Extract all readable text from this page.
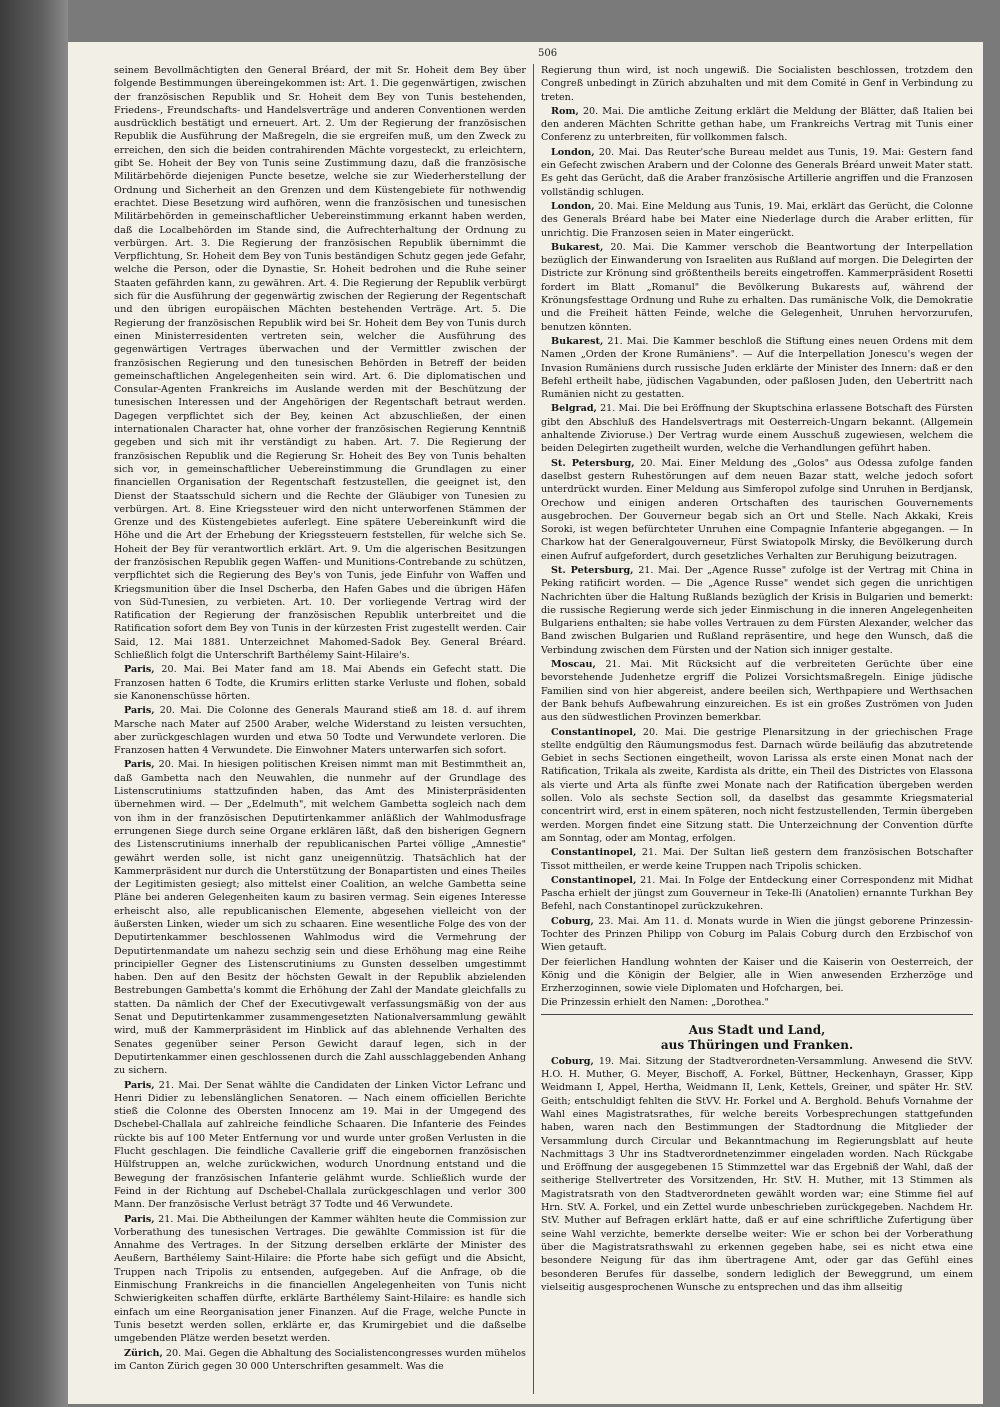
506

seinem Bevollmächtigten den General Bréard, der mit Sr. Hoheit dem Bey über folgende Bestimmungen übereingekommen ist: Art. 1. Die gegenwärtigen, zwischen der französischen Republik und Sr. Hoheit dem Bey von Tunis bestehenden, Friedens-, Freundschafts- und Handelsverträge und anderen Conventionen werden ausdrücklich bestätigt und erneuert. Art. 2. Um der Regierung der französischen Republik die Ausführung der Maßregeln, die sie ergreifen muß, um den Zweck zu erreichen, den sich die beiden contrahirenden Mächte vorgesteckt, zu erleichtern, gibt Se. Hoheit der Bey von Tunis seine Zustimmung dazu, daß die französische Militärbehörde diejenigen Puncte besetze, welche sie zur Wiederherstellung der Ordnung und Sicherheit an den Grenzen und dem Küstengebiete für nothwendig erachtet. Diese Besetzung wird aufhören, wenn die französischen und tunesischen Militärbehörden in gemeinschaftlicher Uebereinstimmung erkannt haben werden, daß die Localbehörden im Stande sind, die Aufrechterhaltung der Ordnung zu verbürgen. Art. 3. Die Regierung der französischen Republik übernimmt die Verpflichtung, Sr. Hoheit dem Bey von Tunis beständigen Schutz gegen jede Gefahr, welche die Person, oder die Dynastie, Sr. Hoheit bedrohen und die Ruhe seiner Staaten gefährden kann, zu gewähren. Art. 4. Die Regierung der Republik verbürgt sich für die Ausführung der gegenwärtig zwischen der Regierung der Regentschaft und den übrigen europäischen Mächten bestehenden Verträge. Art. 5. Die Regierung der französischen Republik wird bei Sr. Hoheit dem Bey von Tunis durch einen Ministerresidenten vertreten sein, welcher die Ausführung des gegenwärtigen Vertrages überwachen und der Vermittler zwischen der französischen Regierung und den tunesischen Behörden in Betreff der beiden gemeinschaftlichen Angelegenheiten sein wird. Art. 6. Die diplomatischen und Consular-Agenten Frankreichs im Auslande werden mit der Beschützung der tunesischen Interessen und der Angehörigen der Regentschaft betraut werden. Dagegen verpflichtet sich der Bey, keinen Act abzuschließen, der einen internationalen Character hat, ohne vorher der französischen Regierung Kenntniß gegeben und sich mit ihr verständigt zu haben. Art. 7. Die Regierung der französischen Republik und die Regierung Sr. Hoheit des Bey von Tunis behalten sich vor, in gemeinschaftlicher Uebereinstimmung die Grundlagen zu einer financiellen Organisation der Regentschaft festzustellen, die geeignet ist, den Dienst der Staatsschuld sichern und die Rechte der Gläubiger von Tunesien zu verbürgen. Art. 8. Eine Kriegssteuer wird den nicht unterworfenen Stämmen der Grenze und des Küstengebietes auferlegt. Eine spätere Uebereinkunft wird die Höhe und die Art der Erhebung der Kriegssteuern feststellen, für welche sich Se. Hoheit der Bey für verantwortlich erklärt. Art. 9. Um die algerischen Besitzungen der französischen Republik gegen Waffen- und Munitions-Contrebande zu schützen, verpflichtet sich die Regierung des Bey's von Tunis, jede Einfuhr von Waffen und Kriegsmunition über die Insel Dscherba, den Hafen Gabes und die übrigen Häfen von Süd-Tunesien, zu verbieten. Art. 10. Der vorliegende Vertrag wird der Ratification der Regierung der französischen Republik unterbreitet und die Ratification sofort dem Bey von Tunis in der kürzesten Frist zugestellt werden. Cair Said, 12. Mai 1881. Unterzeichnet Mahomed-Sadok Bey. General Bréard. Schließlich folgt die Unterschrift Barthélemy Saint-Hilaire's.

Paris, 20. Mai. Bei Mater fand am 18. Mai Abends ein Gefecht statt. Die Franzosen hatten 6 Todte, die Krumirs erlitten starke Verluste und flohen, sobald sie Kanonenschüsse hörten.

Paris, 20. Mai. Die Colonne des Generals Maurand stieß am 18. d. auf ihrem Marsche nach Mater auf 2500 Araber, welche Widerstand zu leisten versuchten, aber zurückgeschlagen wurden und etwa 50 Todte und Verwundete verloren. Die Franzosen hatten 4 Verwundete. Die Einwohner Maters unterwarfen sich sofort.

Paris, 20. Mai. In hiesigen politischen Kreisen nimmt man mit Bestimmtheit an, daß Gambetta nach den Neuwahlen, die nunmehr auf der Grundlage des Listenscrutiniums stattzufinden haben, das Amt des Ministerpräsidenten übernehmen wird. — Der „Edelmuth", mit welchem Gambetta sogleich nach dem von ihm in der französischen Deputirtenkammer anläßlich der Wahlmodusfrage errungenen Siege durch seine Organe erklären läßt, daß den bisherigen Gegnern des Listenscrutiniums innerhalb der republicanischen Partei völlige „Amnestie" gewährt werden solle, ist nicht ganz uneigennützig. Thatsächlich hat der Kammerpräsident nur durch die Unterstützung der Bonapartisten und eines Theiles der Legitimisten gesiegt; also mittelst einer Coalition, an welche Gambetta seine Pläne bei anderen Gelegenheiten kaum zu basiren vermag. Sein eigenes Interesse erheischt also, alle republicanischen Elemente, abgesehen vielleicht von der äußersten Linken, wieder um sich zu schaaren. Eine wesentliche Folge des von der Deputirtenkammer beschlossenen Wahlmodus wird die Vermehrung der Deputirtenmandate um nahezu sechzig sein und diese Erhöhung mag eine Reihe principieller Gegner des Listenscrutiniums zu Gunsten desselben umgestimmt haben. Den auf den Besitz der höchsten Gewalt in der Republik abzielenden Bestrebungen Gambetta's kommt die Erhöhung der Zahl der Mandate gleichfalls zu statten. Da nämlich der Chef der Executivgewalt verfassungsmäßig von der aus Senat und Deputirtenkammer zusammengesetzten Nationalversammlung gewählt wird, muß der Kammerpräsident im Hinblick auf das ablehnende Verhalten des Senates gegenüber seiner Person Gewicht darauf legen, sich in der Deputirtenkammer einen geschlossenen durch die Zahl ausschlaggebenden Anhang zu sichern.

Paris, 21. Mai. Der Senat wählte die Candidaten der Linken Victor Lefranc und Henri Didier zu lebenslänglichen Senatoren. — Nach einem officiellen Berichte stieß die Colonne des Obersten Innocenz am 19. Mai in der Umgegend des Dschebel-Challala auf zahlreiche feindliche Schaaren. Die Infanterie des Feindes rückte bis auf 100 Meter Entfernung vor und wurde unter großen Verlusten in die Flucht geschlagen. Die feindliche Cavallerie griff die eingebornen französischen Hülfstruppen an, welche zurückwichen, wodurch Unordnung entstand und die Bewegung der französischen Infanterie gelähmt wurde. Schließlich wurde der Feind in der Richtung auf Dschebel-Challala zurückgeschlagen und verlor 300 Mann. Der französische Verlust beträgt 37 Todte und 46 Verwundete.

Paris, 21. Mai. Die Abtheilungen der Kammer wählten heute die Commission zur Vorberathung des tunesischen Vertrages. Die gewählte Commission ist für die Annahme des Vertrages. In der Sitzung derselben erklärte der Minister des Aeußern, Barthélemy Saint-Hilaire: die Pforte habe sich gefügt und die Absicht, Truppen nach Tripolis zu entsenden, aufgegeben. Auf die Anfrage, ob die Einmischung Frankreichs in die financiellen Angelegenheiten von Tunis nicht Schwierigkeiten schaffen dürfte, erklärte Barthélemy Saint-Hilaire: es handle sich einfach um eine Reorganisation jener Finanzen. Auf die Frage, welche Puncte in Tunis besetzt werden sollen, erklärte er, das Krumirgebiet und die daßselbe umgebenden Plätze werden besetzt werden.

Zürich, 20. Mai. Gegen die Abhaltung des Socialistencongresses wurden mühelos im Canton Zürich gegen 30 000 Unterschriften gesammelt. Was die

Regierung thun wird, ist noch ungewiß. Die Socialisten beschlossen, trotzdem den Congreß unbedingt in Zürich abzuhalten und mit dem Comité in Genf in Verbindung zu treten.

Rom, 20. Mai. Die amtliche Zeitung erklärt die Meldung der Blätter, daß Italien bei den anderen Mächten Schritte gethan habe, um Frankreichs Vertrag mit Tunis einer Conferenz zu unterbreiten, für vollkommen falsch.

London, 20. Mai. Das Reuter'sche Bureau meldet aus Tunis, 19. Mai: Gestern fand ein Gefecht zwischen Arabern und der Colonne des Generals Bréard unweit Mater statt. Es geht das Gerücht, daß die Araber französische Artillerie angriffen und die Franzosen vollständig schlugen.

London, 20. Mai. Eine Meldung aus Tunis, 19. Mai, erklärt das Gerücht, die Colonne des Generals Bréard habe bei Mater eine Niederlage durch die Araber erlitten, für unrichtig. Die Franzosen seien in Mater eingerückt.

Bukarest, 20. Mai. Die Kammer verschob die Beantwortung der Interpellation bezüglich der Einwanderung von Israeliten aus Rußland auf morgen. Die Delegirten der Districte zur Krönung sind größtentheils bereits eingetroffen. Kammerpräsident Rosetti fordert im Blatt „Romanul" die Bevölkerung Bukarests auf, während der Krönungsfesttage Ordnung und Ruhe zu erhalten. Das rumänische Volk, die Demokratie und die Freiheit hätten Feinde, welche die Gelegenheit, Unruhen hervorzurufen, benutzen könnten.

Bukarest, 21. Mai. Die Kammer beschloß die Stiftung eines neuen Ordens mit dem Namen „Orden der Krone Rumäniens". — Auf die Interpellation Jonescu's wegen der Invasion Rumäniens durch russische Juden erklärte der Minister des Innern: daß er den Befehl ertheilt habe, jüdischen Vagabunden, oder paßlosen Juden, den Uebertritt nach Rumänien nicht zu gestatten.

Belgrad, 21. Mai. Die bei Eröffnung der Skuptschina erlassene Botschaft des Fürsten gibt den Abschluß des Handelsvertrags mit Oesterreich-Ungarn bekannt. (Allgemein anhaltende Zivioruse.) Der Vertrag wurde einem Ausschuß zugewiesen, welchem die beiden Delegirten zugetheilt wurden, welche die Verhandlungen geführt haben.

St. Petersburg, 20. Mai. Einer Meldung des „Golos" aus Odessa zufolge fanden daselbst gestern Ruhestörungen auf dem neuen Bazar statt, welche jedoch sofort unterdrückt wurden. Einer Meldung aus Simferopol zufolge sind Unruhen in Berdjansk, Orechow und einigen anderen Ortschaften des taurischen Gouvernements ausgebrochen. Der Gouverneur begab sich an Ort und Stelle. Nach Akkaki, Kreis Soroki, ist wegen befürchteter Unruhen eine Compagnie Infanterie abgegangen. — In Charkow hat der Generalgouverneur, Fürst Swiatopolk Mirsky, die Bevölkerung durch einen Aufruf aufgefordert, durch gesetzliches Verhalten zur Beruhigung beizutragen.

St. Petersburg, 21. Mai. Der „Agence Russe" zufolge ist der Vertrag mit China in Peking ratificirt worden. — Die „Agence Russe" wendet sich gegen die unrichtigen Nachrichten über die Haltung Rußlands bezüglich der Krisis in Bulgarien und bemerkt: die russische Regierung werde sich jeder Einmischung in die inneren Angelegenheiten Bulgariens enthalten; sie habe volles Vertrauen zu dem Fürsten Alexander, welcher das Band zwischen Bulgarien und Rußland repräsentire, und hege den Wunsch, daß die Verbindung zwischen dem Fürsten und der Nation sich inniger gestalte.

Moscau, 21. Mai. Mit Rücksicht auf die verbreiteten Gerüchte über eine bevorstehende Judenhetze ergriff die Polizei Vorsichtsmaßregeln. Einige jüdische Familien sind von hier abgereist, andere beeilen sich, Werthpapiere und Werthsachen der Bank behufs Aufbewahrung einzureichen. Es ist ein großes Zuströmen von Juden aus den südwestlichen Provinzen bemerkbar.

Constantinopel, 20. Mai. Die gestrige Plenarsitzung in der griechischen Frage stellte endgültig den Räumungsmodus fest. Darnach würde beiläufig das abzutretende Gebiet in sechs Sectionen eingetheilt, wovon Larissa als erste einen Monat nach der Ratification, Trikala als zweite, Kardista als dritte, ein Theil des Districtes von Elassona als vierte und Arta als fünfte zwei Monate nach der Ratification übergeben werden sollen. Volo als sechste Section soll, da daselbst das gesammte Kriegsmaterial concentrirt wird, erst in einem späteren, noch nicht festzustellenden, Termin übergeben werden. Morgen findet eine Sitzung statt. Die Unterzeichnung der Convention dürfte am Sonntag, oder am Montag, erfolgen.

Constantinopel, 21. Mai. Der Sultan ließ gestern dem französischen Botschafter Tissot mittheilen, er werde keine Truppen nach Tripolis schicken.

Constantinopel, 21. Mai. In Folge der Entdeckung einer Correspondenz mit Midhat Pascha erhielt der jüngst zum Gouverneur in Teke-Ili (Anatolien) ernannte Turkhan Bey Befehl, nach Constantinopel zurückzukehren.

Coburg, 23. Mai. Am 11. d. Monats wurde in Wien die jüngst geborene Prinzessin-Tochter des Prinzen Philipp von Coburg im Palais Coburg durch den Erzbischof von Wien getauft.

Der feierlichen Handlung wohnten der Kaiser und die Kaiserin von Oesterreich, der König und die Königin der Belgier, alle in Wien anwesenden Erzherzöge und Erzherzoginnen, sowie viele Diplomaten und Hofchargen, bei.

Die Prinzessin erhielt den Namen: „Dorothea."

Aus Stadt und Land,
aus Thüringen und Franken.

Coburg, 19. Mai. Sitzung der Stadtverordneten-Versammlung. Anwesend die StVV. H.O. H. Muther, G. Meyer, Bischoff, A. Forkel, Büttner, Heckenhayn, Grasser, Kipp Weidmann I, Appel, Hertha, Weidmann II, Lenk, Kettels, Greiner, und später Hr. StV. Geith; entschuldigt fehlten die StVV. Hr. Forkel und A. Berghold. Behufs Vornahme der Wahl eines Magistratsrathes, für welche bereits Vorbesprechungen stattgefunden haben, waren nach den Bestimmungen der Stadtordnung die Mitglieder der Versammlung durch Circular und Bekanntmachung im Regierungsblatt auf heute Nachmittags 3 Uhr ins Stadtverordnetenzimmer eingeladen worden. Nach Rückgabe und Eröffnung der ausgegebenen 15 Stimmzettel war das Ergebniß der Wahl, daß der seitherige Stellvertreter des Vorsitzenden, Hr. StV. H. Muther, mit 13 Stimmen als Magistratsrath von den Stadtverordneten gewählt worden war; eine Stimme fiel auf Hrn. StV. A. Forkel, und ein Zettel wurde unbeschrieben zurückgegeben. Nachdem Hr. StV. Muther auf Befragen erklärt hatte, daß er auf eine schriftliche Zufertigung über seine Wahl verzichte, bemerkte derselbe weiter: Wie er schon bei der Vorberathung über die Magistratsrathswahl zu erkennen gegeben habe, sei es nicht etwa eine besondere Neigung für das ihm übertragene Amt, oder gar das Gefühl eines besonderen Berufes für dasselbe, sondern lediglich der Beweggrund, um einem vielseitig ausgesprochenen Wunsche zu entsprechen und das ihm allseitig
